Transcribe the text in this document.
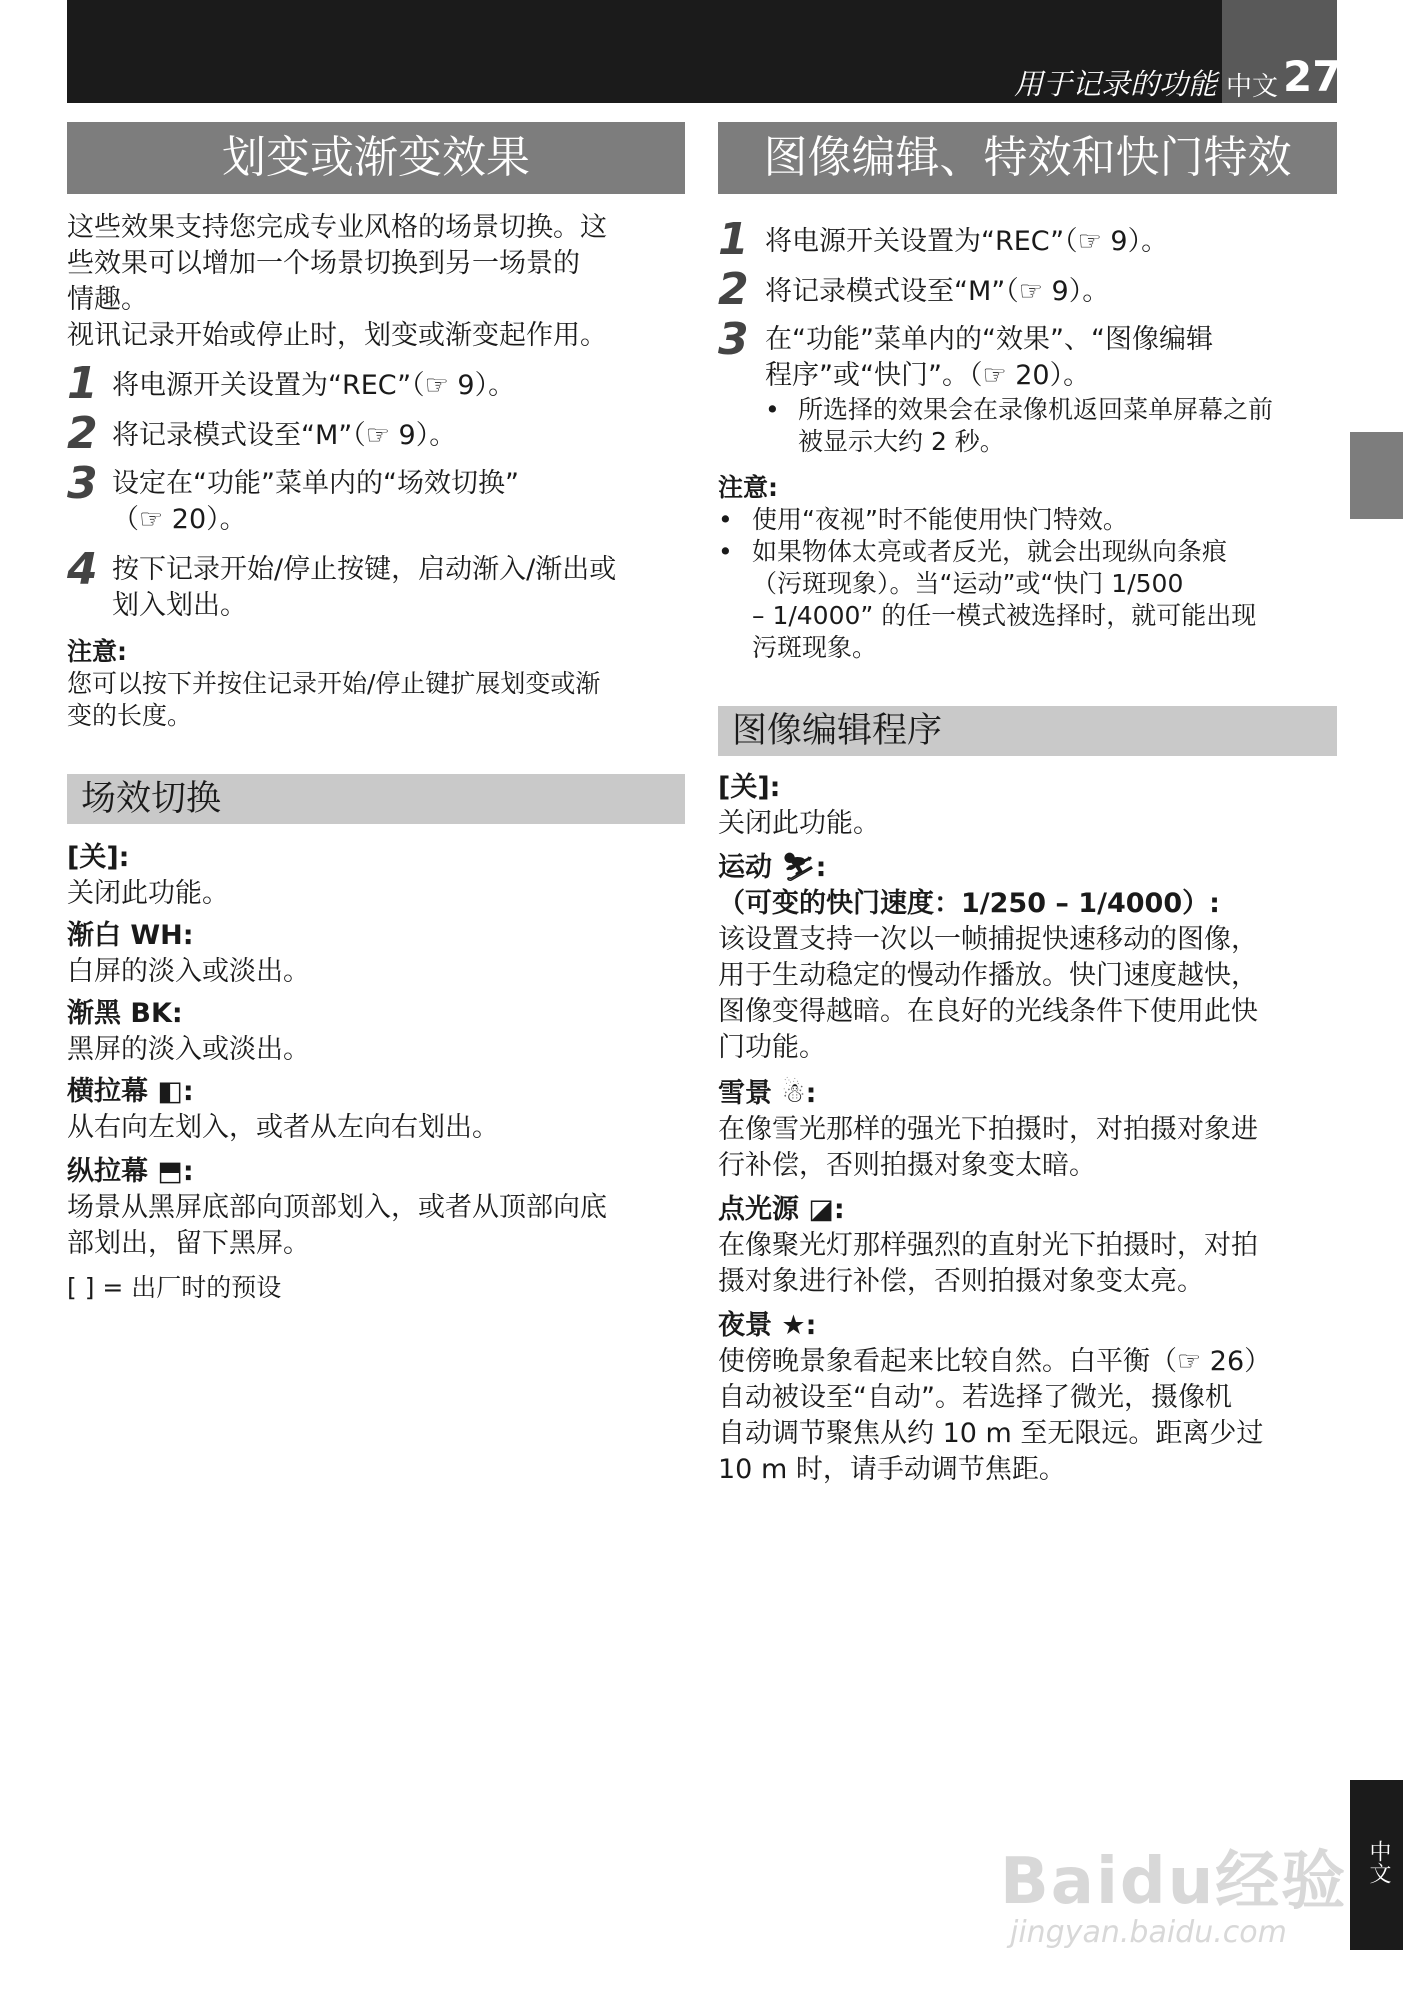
用于记录的功能 中文 27
划变或渐变效果
这些效果支持您完成专业风格的场景切换。这
些效果可以增加一个场景切换到另一场景的
情趣。
视讯记录开始或停止时，划变或渐变起作用。
1 将电源开关设置为“REC”（☞ 9）。
2 将记录模式设至“M”（☞ 9）。
3 设定在“功能”菜单内的“场效切换”
（☞ 20）。
4 按下记录开始/停止按键，启动渐入/渐出或
划入划出。
注意:
您可以按下并按住记录开始/停止键扩展划变或渐
变的长度。
场效切换
[关]:
关闭此功能。
渐白 WH:
白屏的淡入或淡出。
渐黑 BK:
黑屏的淡入或淡出。
横拉幕 ◧:
从右向左划入，或者从左向右划出。
纵拉幕 ⬒:
场景从黑屏底部向顶部划入，或者从顶部向底
部划出，留下黑屏。
[ ] = 出厂时的预设
图像编辑、特效和快门特效
1 将电源开关设置为“REC”（☞ 9）。
2 将记录模式设至“M”（☞ 9）。
3 在“功能”菜单内的“效果”、“图像编辑
程序”或“快门”。（☞ 20）。
• 所选择的效果会在录像机返回菜单屏幕之前
被显示大约 2 秒。
注意:
• 使用“夜视”时不能使用快门特效。
• 如果物体太亮或者反光，就会出现纵向条痕
（污斑现象）。当“运动”或“快门 1/500
– 1/4000” 的任一模式被选择时，就可能出现
污斑现象。
图像编辑程序
[关]:
关闭此功能。
运动 ⛷:
（可变的快门速度：1/250 – 1/4000）:
该设置支持一次以一帧捕捉快速移动的图像，
用于生动稳定的慢动作播放。快门速度越快，
图像变得越暗。在良好的光线条件下使用此快
门功能。
雪景 ☃:
在像雪光那样的强光下拍摄时，对拍摄对象进
行补偿，否则拍摄对象变太暗。
点光源 ◪:
在像聚光灯那样强烈的直射光下拍摄时，对拍
摄对象进行补偿，否则拍摄对象变太亮。
夜景 ★:
使傍晚景象看起来比较自然。白平衡（☞ 26）
自动被设至“自动”。若选择了微光，摄像机
自动调节聚焦从约 10 m 至无限远。距离少过
10 m 时，请手动调节焦距。
中文
Baidu经验
jingyan.baidu.com
